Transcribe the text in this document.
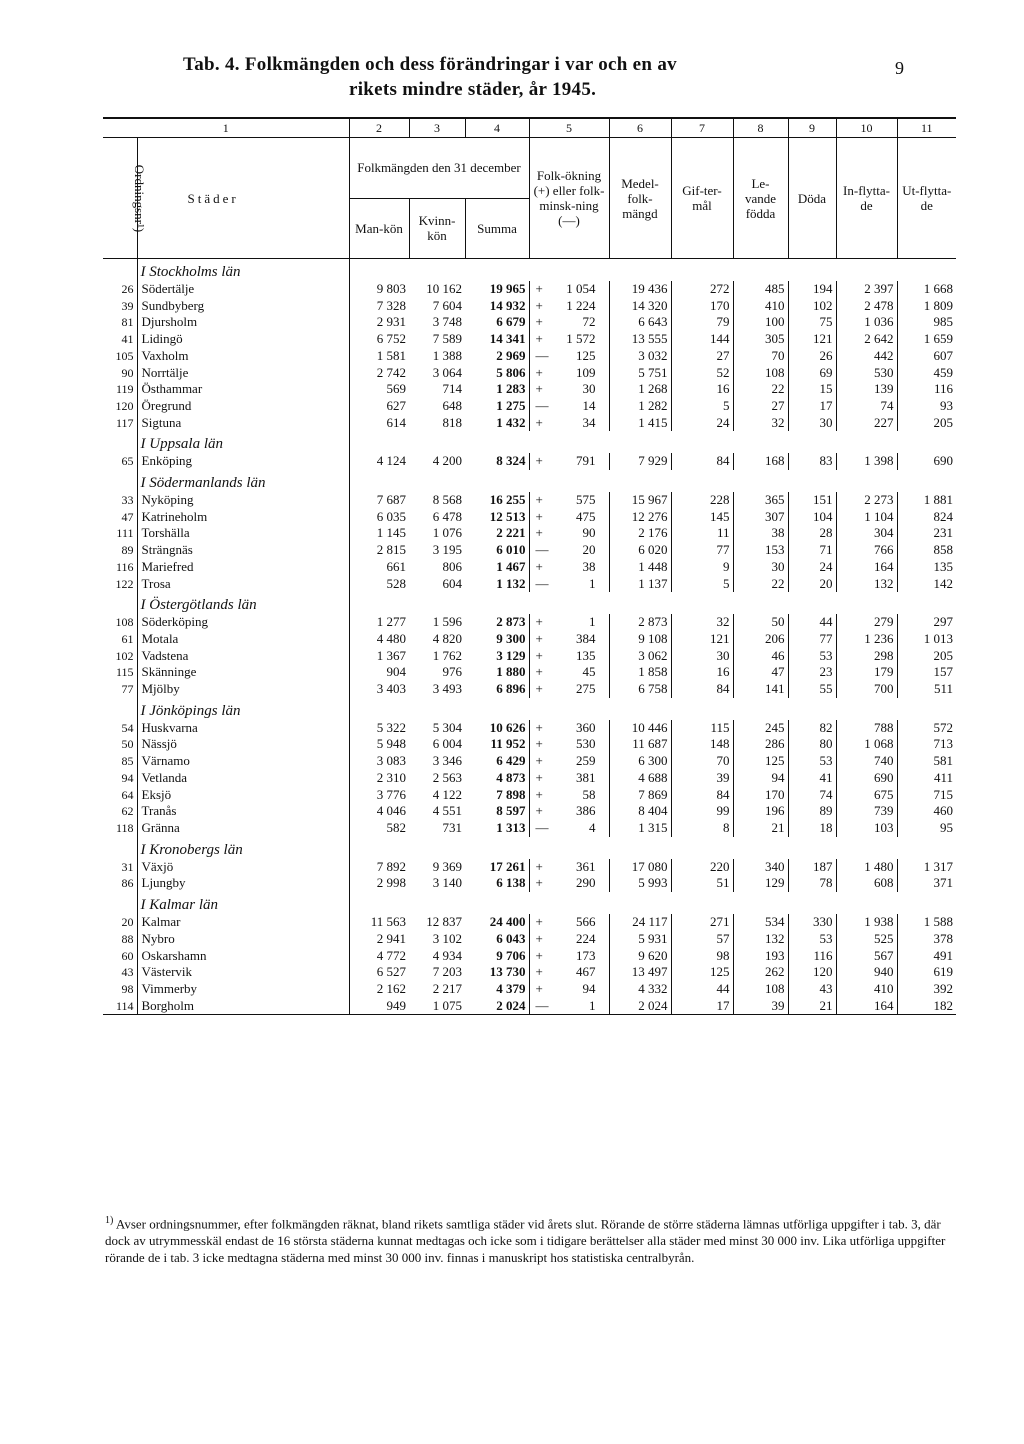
Tab. 4. Folkmängden och dess förändringar i var och en av
rikets mindre städer, år 1945.
9
1		2	3	4	5	6	7	8	9	10	11
Ordningsnr¹)	Städer	Folkmängden den 31 december			Folk-ökning (+) eller folk-minsk-ning (—)	Medel-folk-mängd	Gif-ter-mål	Le-vande födda	Döda	In-flytta-de	Ut-flytta-de
		Man-kön	Kvinn-kön	Summa							
	I Stockholms län										
26	Södertälje	9 803	10 162	19 965	+ 1 054	19 436	272	485	194	2 397	1 668
39	Sundbyberg	7 328	7 604	14 932	+ 1 224	14 320	170	410	102	2 478	1 809
81	Djursholm	2 931	3 748	6 679	+ 72	6 643	79	100	75	1 036	985
41	Lidingö	6 752	7 589	14 341	+ 1 572	13 555	144	305	121	2 642	1 659
105	Vaxholm	1 581	1 388	2 969	— 125	3 032	27	70	26	442	607
90	Norrtälje	2 742	3 064	5 806	+ 109	5 751	52	108	69	530	459
119	Östhammar	569	714	1 283	+ 30	1 268	16	22	15	139	116
120	Öregrund	627	648	1 275	— 14	1 282	5	27	17	74	93
117	Sigtuna	614	818	1 432	+ 34	1 415	24	32	30	227	205
	I Uppsala län										
65	Enköping	4 124	4 200	8 324	+ 791	7 929	84	168	83	1 398	690
	I Södermanlands län										
33	Nyköping	7 687	8 568	16 255	+ 575	15 967	228	365	151	2 273	1 881
47	Katrineholm	6 035	6 478	12 513	+ 475	12 276	145	307	104	1 104	824
111	Torshälla	1 145	1 076	2 221	+ 90	2 176	11	38	28	304	231
89	Strängnäs	2 815	3 195	6 010	— 20	6 020	77	153	71	766	858
116	Mariefred	661	806	1 467	+ 38	1 448	9	30	24	164	135
122	Trosa	528	604	1 132	— 1	1 137	5	22	20	132	142
	I Östergötlands län										
108	Söderköping	1 277	1 596	2 873	+ 1	2 873	32	50	44	279	297
61	Motala	4 480	4 820	9 300	+ 384	9 108	121	206	77	1 236	1 013
102	Vadstena	1 367	1 762	3 129	+ 135	3 062	30	46	53	298	205
115	Skänninge	904	976	1 880	+ 45	1 858	16	47	23	179	157
77	Mjölby	3 403	3 493	6 896	+ 275	6 758	84	141	55	700	511
	I Jönköpings län										
54	Huskvarna	5 322	5 304	10 626	+ 360	10 446	115	245	82	788	572
50	Nässjö	5 948	6 004	11 952	+ 530	11 687	148	286	80	1 068	713
85	Värnamo	3 083	3 346	6 429	+ 259	6 300	70	125	53	740	581
94	Vetlanda	2 310	2 563	4 873	+ 381	4 688	39	94	41	690	411
64	Eksjö	3 776	4 122	7 898	+ 58	7 869	84	170	74	675	715
62	Tranås	4 046	4 551	8 597	+ 386	8 404	99	196	89	739	460
118	Gränna	582	731	1 313	— 4	1 315	8	21	18	103	95
	I Kronobergs län										
31	Växjö	7 892	9 369	17 261	+ 361	17 080	220	340	187	1 480	1 317
86	Ljungby	2 998	3 140	6 138	+ 290	5 993	51	129	78	608	371
	I Kalmar län										
20	Kalmar	11 563	12 837	24 400	+ 566	24 117	271	534	330	1 938	1 588
88	Nybro	2 941	3 102	6 043	+ 224	5 931	57	132	53	525	378
60	Oskarshamn	4 772	4 934	9 706	+ 173	9 620	98	193	116	567	491
43	Västervik	6 527	7 203	13 730	+ 467	13 497	125	262	120	940	619
98	Vimmerby	2 162	2 217	4 379	+ 94	4 332	44	108	43	410	392
114	Borgholm	949	1 075	2 024	— 1	2 024	17	39	21	164	182

$^{1)}$ Avser ordningsnummer, efter folkmängden räknat, bland rikets samtliga städer vid årets slut. Rörande de större städerna lämnas utförliga uppgifter i tab. 3, där dock av utrymmesskäl endast de 16 största städerna kunnat medtagas och icke som i tidigare berättelser alla städer med minst 30 000 inv. Lika utförliga uppgifter rörande de i tab. 3 icke medtagna städerna med minst 30 000 inv. finnas i manuskript hos statistiska centralbyrån.
